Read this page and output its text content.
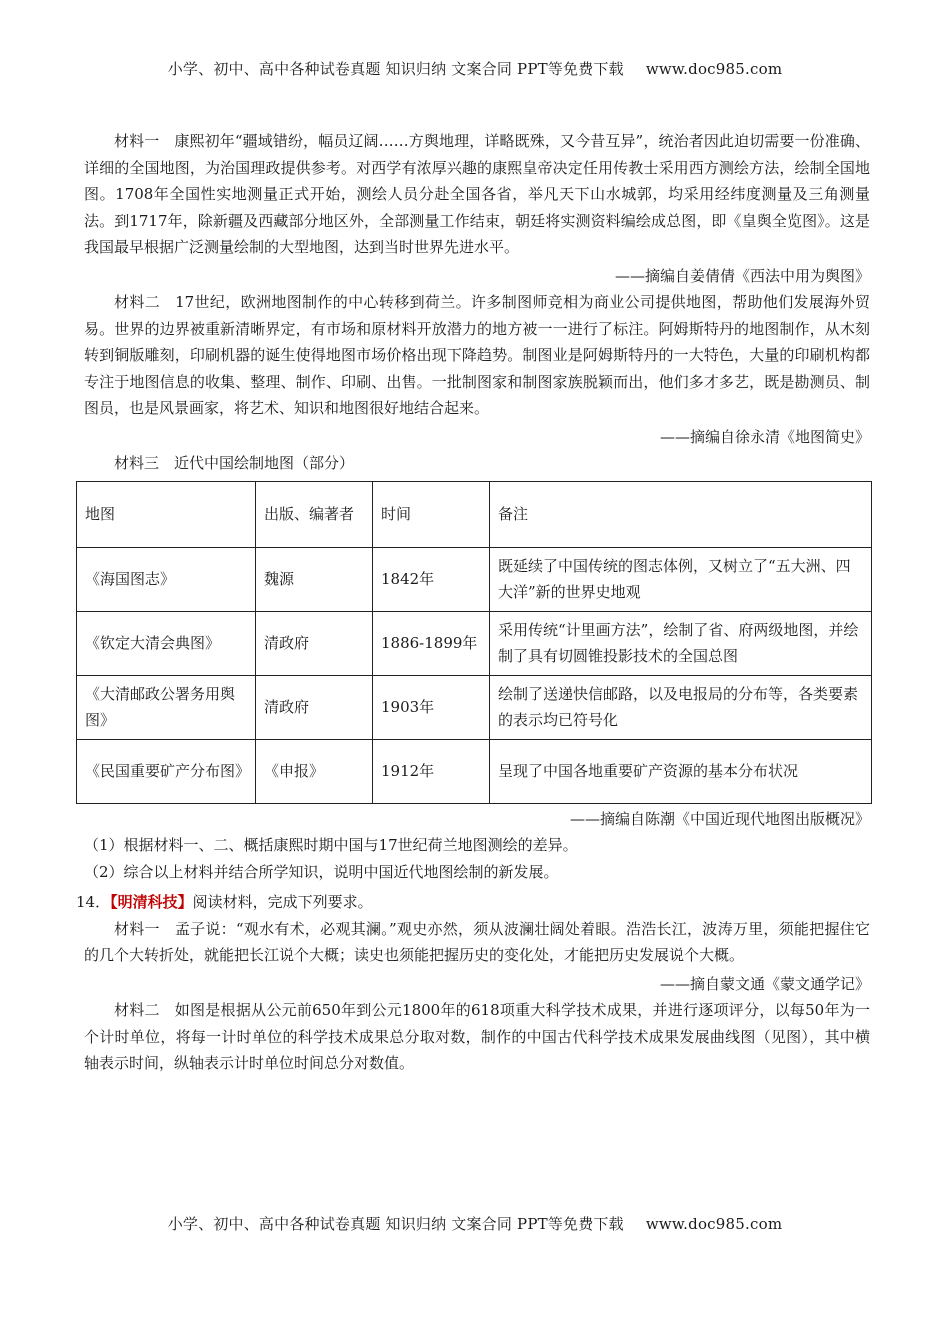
小学、初中、高中各种试卷真题 知识归纳 文案合同 PPT等免费下载 www.doc985.com

材料一 康熙初年“疆域错纷，幅员辽阔……方舆地理，详略既殊，又今昔互异”，统治者因此迫切需要一份准确、详细的全国地图，为治国理政提供参考。对西学有浓厚兴趣的康熙皇帝决定任用传教士采用西方测绘方法，绘制全国地图。1708年全国性实地测量正式开始，测绘人员分赴全国各省，举凡天下山水城郭，均采用经纬度测量及三角测量法。到1717年，除新疆及西藏部分地区外，全部测量工作结束，朝廷将实测资料编绘成总图，即《皇舆全览图》。这是我国最早根据广泛测量绘制的大型地图，达到当时世界先进水平。

——摘编自姜倩倩《西法中用为舆图》

材料二 17世纪，欧洲地图制作的中心转移到荷兰。许多制图师竞相为商业公司提供地图，帮助他们发展海外贸易。世界的边界被重新清晰界定，有市场和原材料开放潜力的地方被一一进行了标注。阿姆斯特丹的地图制作，从木刻转到铜版雕刻，印刷机器的诞生使得地图市场价格出现下降趋势。制图业是阿姆斯特丹的一大特色，大量的印刷机构都专注于地图信息的收集、整理、制作、印刷、出售。一批制图家和制图家族脱颖而出，他们多才多艺，既是勘测员、制图员，也是风景画家，将艺术、知识和地图很好地结合起来。

——摘编自徐永清《地图简史》

材料三　近代中国绘制地图（部分）

地图	出版、编著者	时间	备注
《海国图志》	魏源	1842年	既延续了中国传统的图志体例，又树立了“五大洲、四大洋”新的世界史地观
《钦定大清会典图》	清政府	1886-1899年	采用传统“计里画方法”，绘制了省、府两级地图，并绘制了具有切圆锥投影技术的全国总图
《大清邮政公署务用舆图》	清政府	1903年	绘制了送递快信邮路，以及电报局的分布等，各类要素的表示均已符号化
《民国重要矿产分布图》	《申报》	1912年	呈现了中国各地重要矿产资源的基本分布状况

——摘编自陈潮《中国近现代地图出版概况》

（1）根据材料一、二、概括康熙时期中国与17世纪荷兰地图测绘的差异。

（2）综合以上材料并结合所学知识，说明中国近代地图绘制的新发展。

14．【明清科技】阅读材料，完成下列要求。

材料一 孟子说：“观水有术，必观其澜。”观史亦然，须从波澜壮阔处着眼。浩浩长江，波涛万里，须能把握住它的几个大转折处，就能把长江说个大概；读史也须能把握历史的变化处，才能把历史发展说个大概。

——摘自蒙文通《蒙文通学记》

材料二 如图是根据从公元前650年到公元1800年的618项重大科学技术成果，并进行逐项评分，以每50年为一个计时单位，将每一计时单位的科学技术成果总分取对数，制作的中国古代科学技术成果发展曲线图（见图），其中横轴表示时间，纵轴表示计时单位时间总分对数值。

小学、初中、高中各种试卷真题 知识归纳 文案合同 PPT等免费下载 www.doc985.com
